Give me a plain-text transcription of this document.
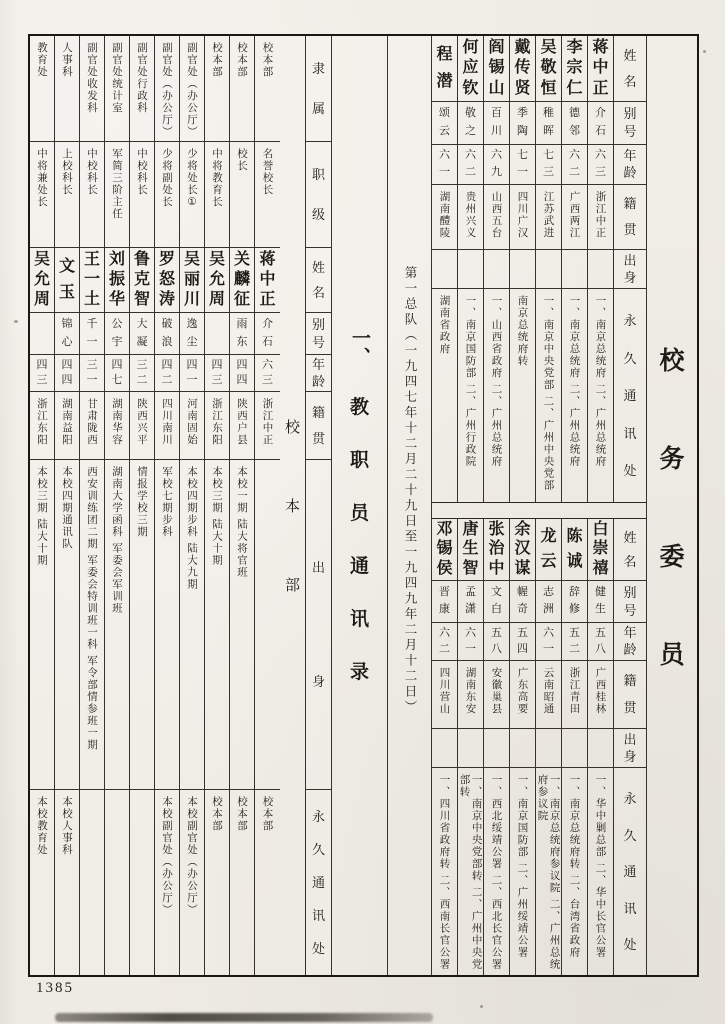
教育处
中将兼处长
吴
允
周
四
三
浙江东阳
本校三期 陆大十期
本校教育处
人事科
上校科长
文
玉
锦
心
四
四
湖南益阳
本校四期通讯队
本校人事科
副官处收发科
中校科长
王
一
土
千
一
三
一
甘肃陇西
西安训练团二期 军委会特训班一科 军令部情参班一期
副官处统计室
军简三阶主任
刘
振
华
公
宇
四
七
湖南华容
湖南大学函科 军委会军训班
副官处行政科
中校科长
鲁
克
智
大
凝
三
二
陕西兴平
情报学校三期
副官处（办公厅）
少将副处长
罗
怒
涛
破
浪
四
二
四川南川
军校七期步科
本校副官处（办公厅）
副官处（办公厅）
少将处长①
吴
丽
川
逸
尘
四
一
河南固始
本校四期步科 陆大九期
本校副官处（办公厅）
校本部
中将教育长
吴
允
周
四
三
浙江东阳
本校三期 陆大十期
校本部
校本部
校长
关
麟
征
雨
东
四
四
陕西户县
本校一期 陆大将官班
校本部
校本部
名誉校长
蒋
中
正
介
石
六
三
浙江中正
校本部
校
本
部
隶
属
职
级
姓
名
别
号
年
龄
籍
贯
出
身
永
久
通
讯
处
一、
教
职
员
通
讯
录	第一总队（一九四七年十二月二十九日至一九四九年二月十二日）
程
潜
颂
云
六
一
湖南醴陵
湖南省政府
何
应
钦
敬
之
六
二
贵州兴义
一、南京国防部 二、广州行政院
阎
锡
山
百
川
六
九
山西五台
一、山西省政府 二、广州总统府
戴
传
贤
季
陶
七
一
四川广汉
南京总统府转
吴
敬
恒
稚
晖
七
三
江苏武进
一、南京中央党部 二、广州中央党部
李
宗
仁
德
邻
六
二
广西两江
一、南京总统府 二、广州总统府
蒋
中
正
介
石
六
三
浙江中正
一、南京总统府 二、广州总统府
姓
名
别
号
年
龄
籍
贯
出
身
永
久
通
讯
处
邓
锡
侯
晋
康
六
二
四川营山
一、四川省政府转 二、西南长官公署
唐
生
智
孟
潇
六
一
湖南东安
一、南京中央党部转 二、广州中央党部转
张
治
中
文
白
五
八
安徽巢县
一、西北绥靖公署 二、西北长官公署
余
汉
谋
幄
奇
五
四
广东高要
一、南京国防部 二、广州绥靖公署
龙
云
志
洲
六
一
云南昭通
一、南京总统府参议院 二、广州总统府参议院
陈
诚
辞
修
五
二
浙江青田
一、南京总统府转 二、台湾省政府
白
崇
禧
健
生
五
八
广西桂林
一、华中剿总部 二、华中长官公署
姓
名
别
号
年
龄
籍
贯
出
身
永
久
通
讯
处
校
务
委
员
1385
